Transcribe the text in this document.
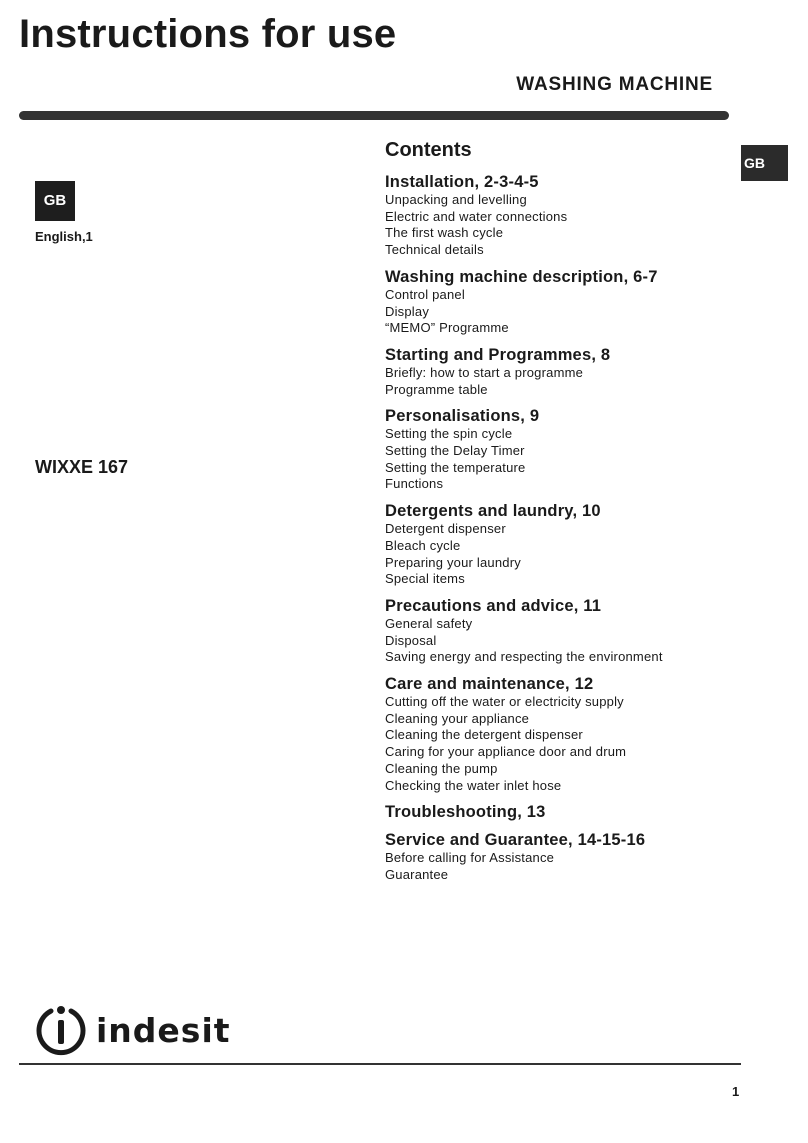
Instructions for use
WASHING MACHINE
GB
GB
English,1
WIXXE 167
Contents
Installation, 2-3-4-5
Unpacking and levelling
Electric and water connections
The first wash cycle
Technical details
Washing machine description, 6-7
Control panel
Display
“MEMO” Programme
Starting and Programmes, 8
Briefly: how to start a programme
Programme table
Personalisations, 9
Setting the spin cycle
Setting the Delay Timer
Setting the temperature
Functions
Detergents and laundry, 10
Detergent dispenser
Bleach cycle
Preparing your laundry
Special items
Precautions and advice, 11
General safety
Disposal
Saving energy and respecting the environment
Care and maintenance, 12
Cutting off the water or electricity supply
Cleaning your appliance
Cleaning the detergent dispenser
Caring for your appliance door and drum
Cleaning the pump
Checking the water inlet hose
Troubleshooting, 13
Service and Guarantee, 14-15-16
Before calling for Assistance
Guarantee
indesit
1
